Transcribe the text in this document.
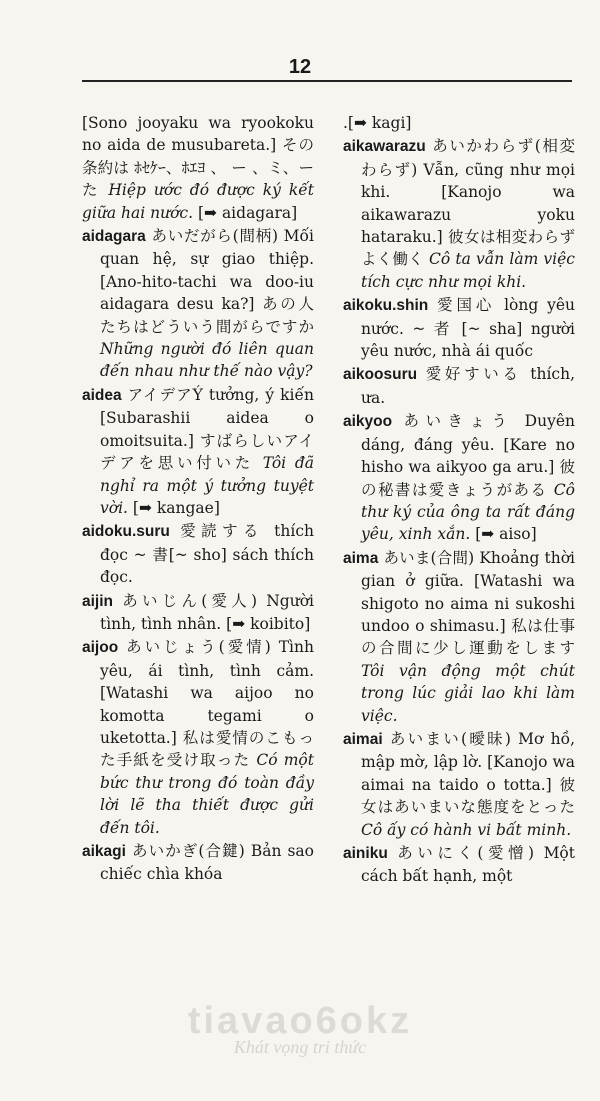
12
[Sono jooyaku wa ryookoku no aida de musubareta.] その条約は ﾎｾｹｰ、ﾎｴﾖ 、 ー 、ミ、ーた Hiệp ước đó được ký kết giữa hai nước. [➡ aidagara]
aidagara あいだがら(間柄) Mối quan hệ, sự giao thiệp. [Ano-hito-tachi wa doo-iu aidagara desu ka?] あの人たちはどういう間がらですか Những người đó liên quan đến nhau như thế nào vậy?
aidea アイデアÝ tưởng, ý kiến [Subarashii aidea o omoitsuita.] すばらしいアイデアを思い付いた Tôi đã nghỉ ra một ý tưởng tuyệt vời. [➡ kangae]
aidoku.suru 愛読する thích đọc ~ 書[~ sho] sách thích đọc.
aijin あいじん(愛人) Người tình, tình nhân. [➡ koibito]
aijoo あいじょう(愛情) Tình yêu, ái tình, tình cảm. [Watashi wa aijoo no komotta tegami o uketotta.] 私は愛情のこもった手紙を受け取った Có một bức thư trong đó toàn đầy lời lẽ tha thiết được gửi đến tôi.
aikagi あいかぎ(合鍵) Bản sao chiếc chìa khóa
.[➡ kagi]
aikawarazu あいかわらず(相変わらず) Vẫn, cũng như mọi khi. [Kanojo wa aikawarazu yoku hataraku.] 彼女は相変わらずよく働く Cô ta vẫn làm việc tích cực như mọi khi.
aikoku.shin 愛国心 lòng yêu nước. ~ 者 [~ sha] người yêu nước, nhà ái quốc
aikoosuru 愛好すいる thích, ưa.
aikyoo あいきょう Duyên dáng, đáng yêu. [Kare no hisho wa aikyoo ga aru.] 彼の秘書は愛きょうがある Cô thư ký của ông ta rất đáng yêu, xinh xắn. [➡ aiso]
aima あいま(合間) Khoảng thời gian ở giữa. [Watashi wa shigoto no aima ni sukoshi undoo o shimasu.] 私は仕事の合間に少し運動をします Tôi vận động một chút trong lúc giải lao khi làm việc.
aimai あいまい(曖昧) Mơ hồ, mập mờ, lập lờ. [Kanojo wa aimai na taido o totta.] 彼女はあいまいな態度をとった Cô ấy có hành vi bất minh.
ainiku あいにく(愛憎) Một cách bất hạnh, một
tiavao6okz
Khát vọng tri thức
